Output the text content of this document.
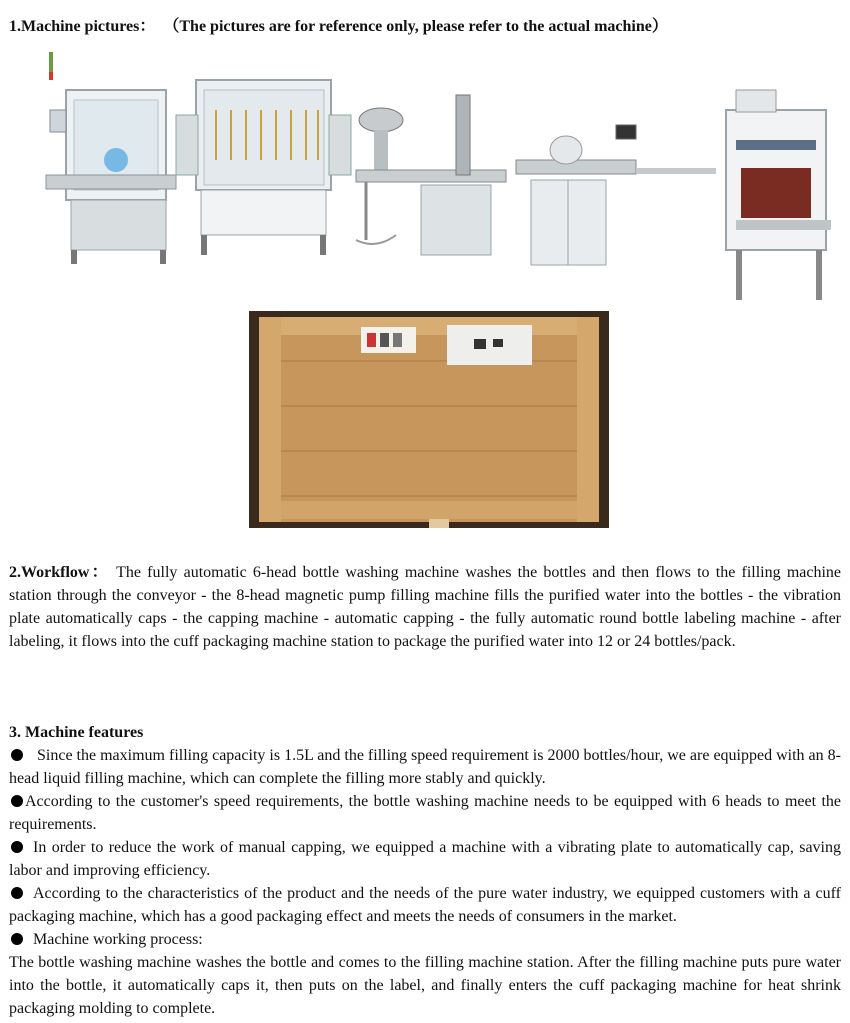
1.Machine pictures： （The pictures are for reference only, please refer to the actual machine）
2.Workflow： The fully automatic 6-head bottle washing machine washes the bottles and then flows to the filling machine station through the conveyor - the 8-head magnetic pump filling machine fills the purified water into the bottles - the vibration plate automatically caps - the capping machine - automatic capping - the fully automatic round bottle labeling machine - after labeling, it flows into the cuff packaging machine station to package the purified water into 12 or 24 bottles/pack.
3. Machine features
Since the maximum filling capacity is 1.5L and the filling speed requirement is 2000 bottles/hour, we are equipped with an 8-head liquid filling machine, which can complete the filling more stably and quickly.
According to the customer's speed requirements, the bottle washing machine needs to be equipped with 6 heads to meet the requirements.
In order to reduce the work of manual capping, we equipped a machine with a vibrating plate to automatically cap, saving labor and improving efficiency.
According to the characteristics of the product and the needs of the pure water industry, we equipped customers with a cuff packaging machine, which has a good packaging effect and meets the needs of consumers in the market.
Machine working process:
The bottle washing machine washes the bottle and comes to the filling machine station. After the filling machine puts pure water into the bottle, it automatically caps it, then puts on the label, and finally enters the cuff packaging machine for heat shrink packaging molding to complete.
